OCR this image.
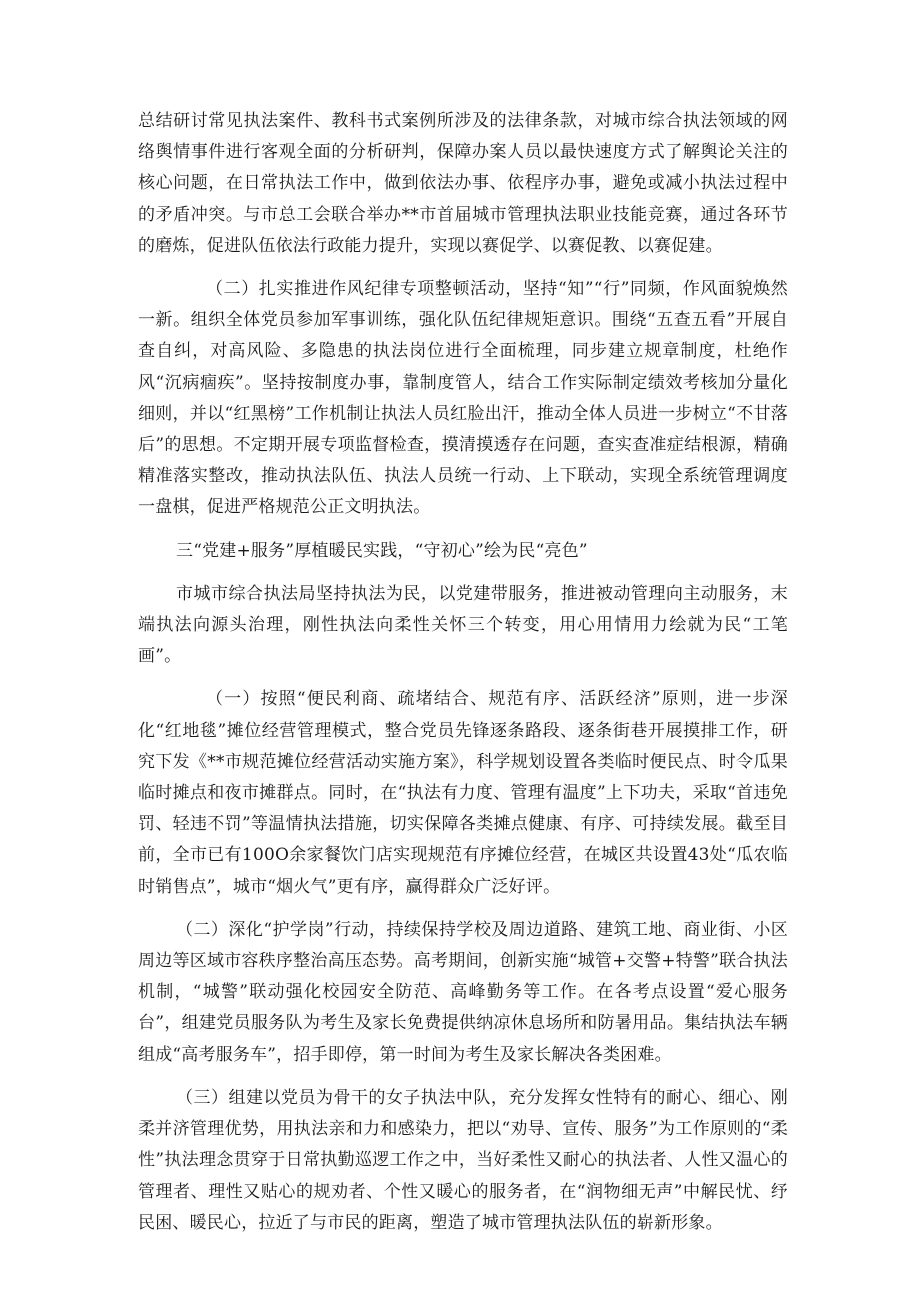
总结研讨常见执法案件、教科书式案例所涉及的法律条款，对城市综合执法领域的网络舆情事件进行客观全面的分析研判，保障办案人员以最快速度方式了解舆论关注的核心问题，在日常执法工作中，做到依法办事、依程序办事，避免或减小执法过程中的矛盾冲突。与市总工会联合举办**市首届城市管理执法职业技能竞赛，通过各环节的磨炼，促进队伍依法行政能力提升，实现以赛促学、以赛促教、以赛促建。

（二）扎实推进作风纪律专项整顿活动，坚持“知”“行”同频，作风面貌焕然一新。组织全体党员参加军事训练，强化队伍纪律规矩意识。围绕“五查五看”开展自查自纠，对高风险、多隐患的执法岗位进行全面梳理，同步建立规章制度，杜绝作风“沉病痼疾”。坚持按制度办事，靠制度管人，结合工作实际制定绩效考核加分量化细则，并以“红黑榜”工作机制让执法人员红脸出汗，推动全体人员进一步树立“不甘落后”的思想。不定期开展专项监督检查，摸清摸透存在问题，查实查准症结根源，精确精准落实整改，推动执法队伍、执法人员统一行动、上下联动，实现全系统管理调度一盘棋，促进严格规范公正文明执法。

三“党建+服务”厚植暖民实践，“守初心”绘为民“亮色”

市城市综合执法局坚持执法为民，以党建带服务，推进被动管理向主动服务，末端执法向源头治理，刚性执法向柔性关怀三个转变，用心用情用力绘就为民“工笔画”。

（一）按照“便民利商、疏堵结合、规范有序、活跃经济”原则，进一步深化“红地毯”摊位经营管理模式，整合党员先锋逐条路段、逐条街巷开展摸排工作，研究下发《**市规范摊位经营活动实施方案》，科学规划设置各类临时便民点、时令瓜果临时摊点和夜市摊群点。同时，在“执法有力度、管理有温度”上下功夫，采取“首违免罚、轻违不罚”等温情执法措施，切实保障各类摊点健康、有序、可持续发展。截至目前，全市已有100O余家餐饮门店实现规范有序摊位经营，在城区共设置43处“瓜农临时销售点”，城市“烟火气”更有序，赢得群众广泛好评。

（二）深化“护学岗”行动，持续保持学校及周边道路、建筑工地、商业街、小区周边等区域市容秩序整治高压态势。高考期间，创新实施“城管+交警+特警”联合执法机制，“城警”联动强化校园安全防范、高峰勤务等工作。在各考点设置“爱心服务台”，组建党员服务队为考生及家长免费提供纳凉休息场所和防暑用品。集结执法车辆组成“高考服务车”，招手即停，第一时间为考生及家长解决各类困难。

（三）组建以党员为骨干的女子执法中队，充分发挥女性特有的耐心、细心、刚柔并济管理优势，用执法亲和力和感染力，把以“劝导、宣传、服务”为工作原则的“柔性”执法理念贯穿于日常执勤巡逻工作之中，当好柔性又耐心的执法者、人性又温心的管理者、理性又贴心的规劝者、个性又暖心的服务者，在“润物细无声”中解民忧、纾民困、暖民心，拉近了与市民的距离，塑造了城市管理执法队伍的崭新形象。
